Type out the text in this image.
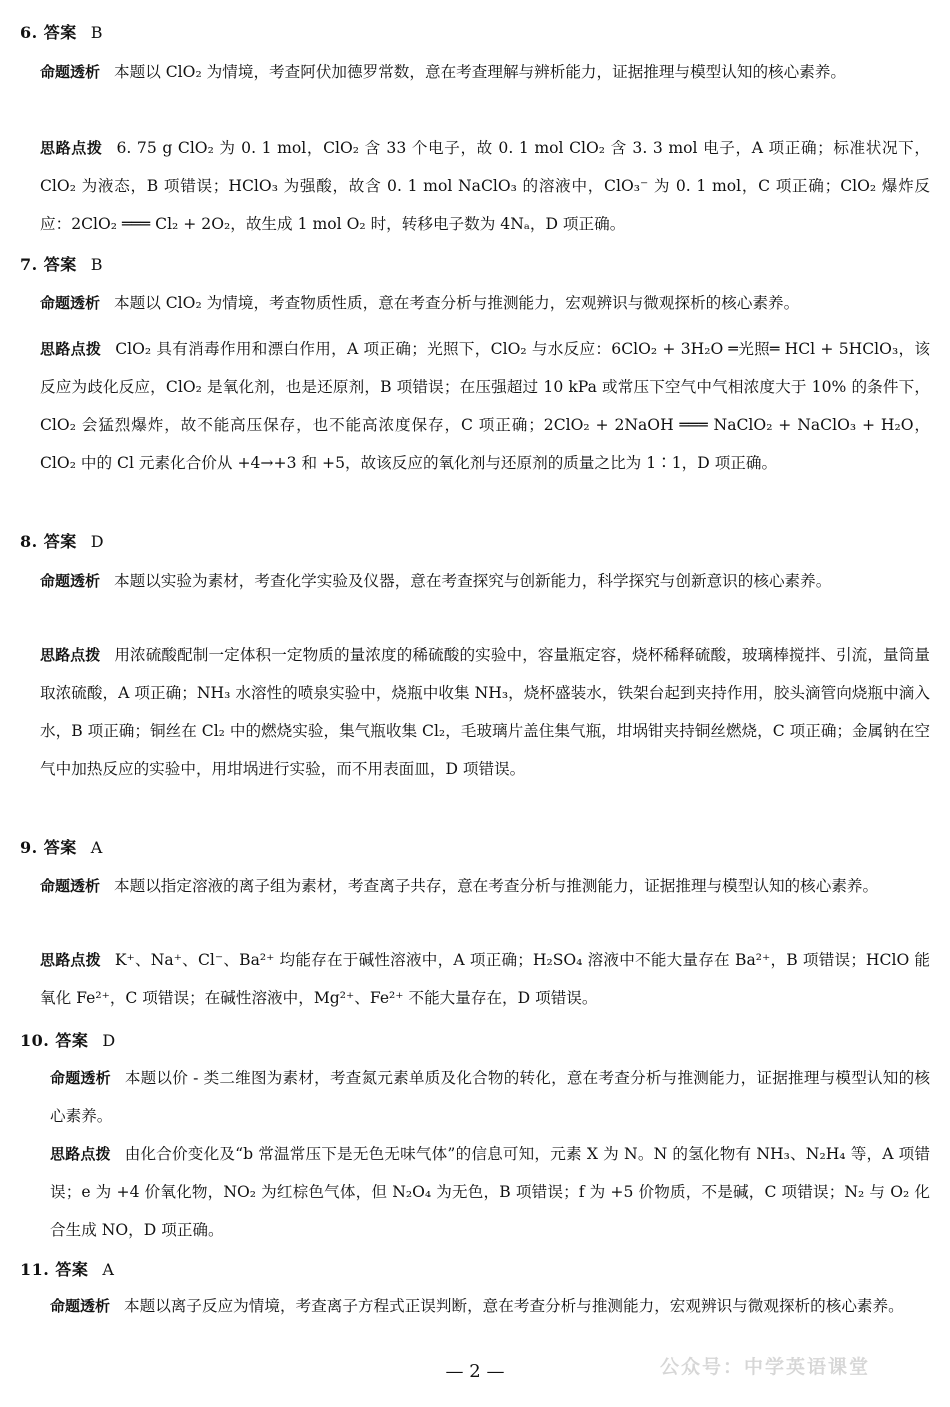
6. 答案 B
命题透析 本题以 ClO₂ 为情境，考查阿伏加德罗常数，意在考查理解与辨析能力，证据推理与模型认知的核心素养。
思路点拨 6. 75 g ClO₂ 为 0. 1 mol，ClO₂ 含 33 个电子，故 0. 1 mol ClO₂ 含 3. 3 mol 电子，A 项正确；标准状况下，ClO₂ 为液态，B 项错误；HClO₃ 为强酸，故含 0. 1 mol NaClO₃ 的溶液中，ClO₃⁻ 为 0. 1 mol，C 项正确；ClO₂ 爆炸反应：2ClO₂ ═══ Cl₂ + 2O₂，故生成 1 mol O₂ 时，转移电子数为 4Nₐ，D 项正确。
7. 答案 B
命题透析 本题以 ClO₂ 为情境，考查物质性质，意在考查分析与推测能力，宏观辨识与微观探析的核心素养。
思路点拨 ClO₂ 具有消毒作用和漂白作用，A 项正确；光照下，ClO₂ 与水反应：6ClO₂ + 3H₂O ═光照═ HCl + 5HClO₃，该反应为歧化反应，ClO₂ 是氧化剂，也是还原剂，B 项错误；在压强超过 10 kPa 或常压下空气中气相浓度大于 10% 的条件下，ClO₂ 会猛烈爆炸，故不能高压保存，也不能高浓度保存，C 项正确；2ClO₂ + 2NaOH ═══ NaClO₂ + NaClO₃ + H₂O，ClO₂ 中的 Cl 元素化合价从 +4→+3 和 +5，故该反应的氧化剂与还原剂的质量之比为 1∶1，D 项正确。
8. 答案 D
命题透析 本题以实验为素材，考查化学实验及仪器，意在考查探究与创新能力，科学探究与创新意识的核心素养。
思路点拨 用浓硫酸配制一定体积一定物质的量浓度的稀硫酸的实验中，容量瓶定容，烧杯稀释硫酸，玻璃棒搅拌、引流，量筒量取浓硫酸，A 项正确；NH₃ 水溶性的喷泉实验中，烧瓶中收集 NH₃，烧杯盛装水，铁架台起到夹持作用，胶头滴管向烧瓶中滴入水，B 项正确；铜丝在 Cl₂ 中的燃烧实验，集气瓶收集 Cl₂，毛玻璃片盖住集气瓶，坩埚钳夹持铜丝燃烧，C 项正确；金属钠在空气中加热反应的实验中，用坩埚进行实验，而不用表面皿，D 项错误。
9. 答案 A
命题透析 本题以指定溶液的离子组为素材，考查离子共存，意在考查分析与推测能力，证据推理与模型认知的核心素养。
思路点拨 K⁺、Na⁺、Cl⁻、Ba²⁺ 均能存在于碱性溶液中，A 项正确；H₂SO₄ 溶液中不能大量存在 Ba²⁺，B 项错误；HClO 能氧化 Fe²⁺，C 项错误；在碱性溶液中，Mg²⁺、Fe²⁺ 不能大量存在，D 项错误。
10. 答案 D
命题透析 本题以价 - 类二维图为素材，考查氮元素单质及化合物的转化，意在考查分析与推测能力，证据推理与模型认知的核心素养。
思路点拨 由化合价变化及“b 常温常压下是无色无味气体”的信息可知，元素 X 为 N。N 的氢化物有 NH₃、N₂H₄ 等，A 项错误；e 为 +4 价氧化物，NO₂ 为红棕色气体，但 N₂O₄ 为无色，B 项错误；f 为 +5 价物质，不是碱，C 项错误；N₂ 与 O₂ 化合生成 NO，D 项正确。
11. 答案 A
命题透析 本题以离子反应为情境，考查离子方程式正误判断，意在考查分析与推测能力，宏观辨识与微观探析的核心素养。
— 2 —	公众号：中学英语课堂
